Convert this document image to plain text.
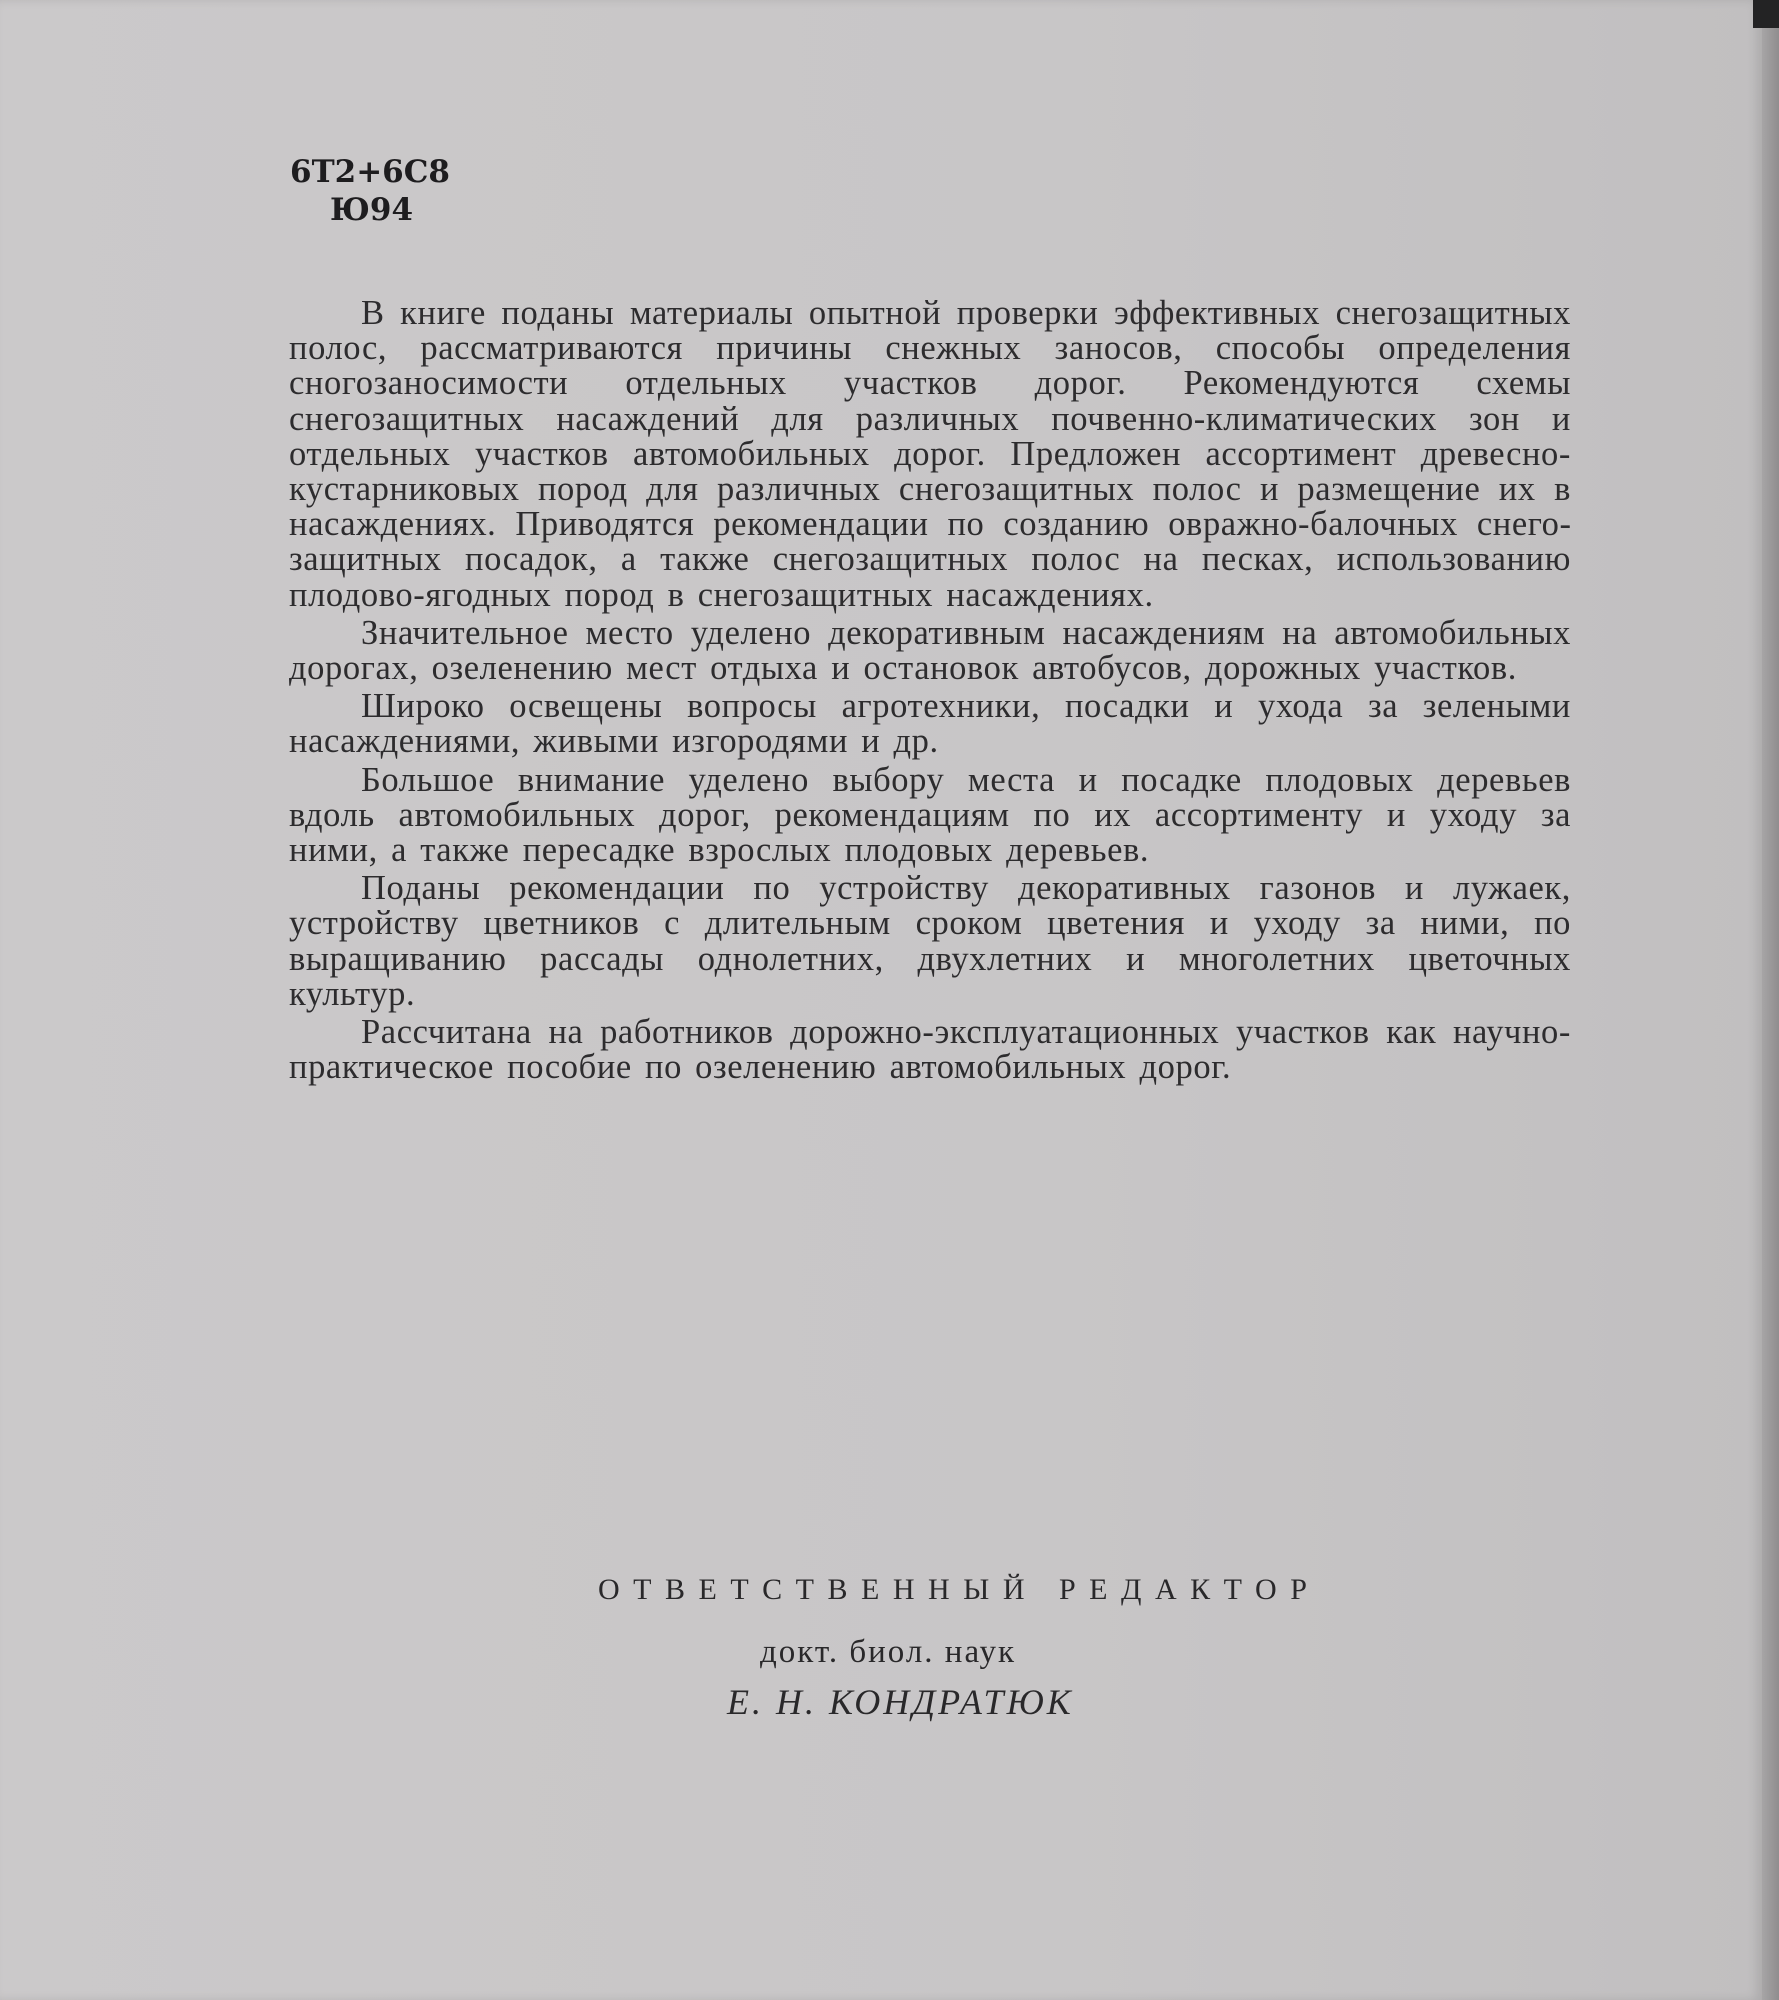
6Т2+6С8
Ю94

В книге поданы материалы опытной проверки эффективных снегозащитных полос, рассматриваются причины снежных заносов, способы определения сногозаносимости отдельных участков дорог. Рекомендуются схемы снегозащитных насаждений для различных почвенно-климатических зон и отдельных участков автомобильных дорог. Предложен ассортимент древесно-кустарниковых пород для различных снегозащитных полос и размещение их в насаждениях. Приводятся рекомендации по созданию овражно-балочных снегозащитных посадок, а также снегозащитных полос на песках, использованию плодово-ягодных пород в снегозащитных насаждениях.

Значительное место уделено декоративным насаждениям на автомобильных дорогах, озеленению мест отдыха и остановок автобусов, дорожных участков.

Широко освещены вопросы агротехники, посадки и ухода за зелеными насаждениями, живыми изгородями и др.

Большое внимание уделено выбору места и посадке плодовых деревьев вдоль автомобильных дорог, рекомендациям по их ассортименту и уходу за ними, а также пересадке взрослых плодовых деревьев.

Поданы рекомендации по устройству декоративных газонов и лужаек, устройству цветников с длительным сроком цветения и уходу за ними, по выращиванию рассады однолетних, двухлетних и многолетних цветочных культур.

Рассчитана на работников дорожно-эксплуатационных участков как научно-практическое пособие по озеленению автомобильных дорог.

ОТВЕТСТВЕННЫЙ РЕДАКТОР
докт. биол. наук
Е. Н. КОНДРАТЮК
